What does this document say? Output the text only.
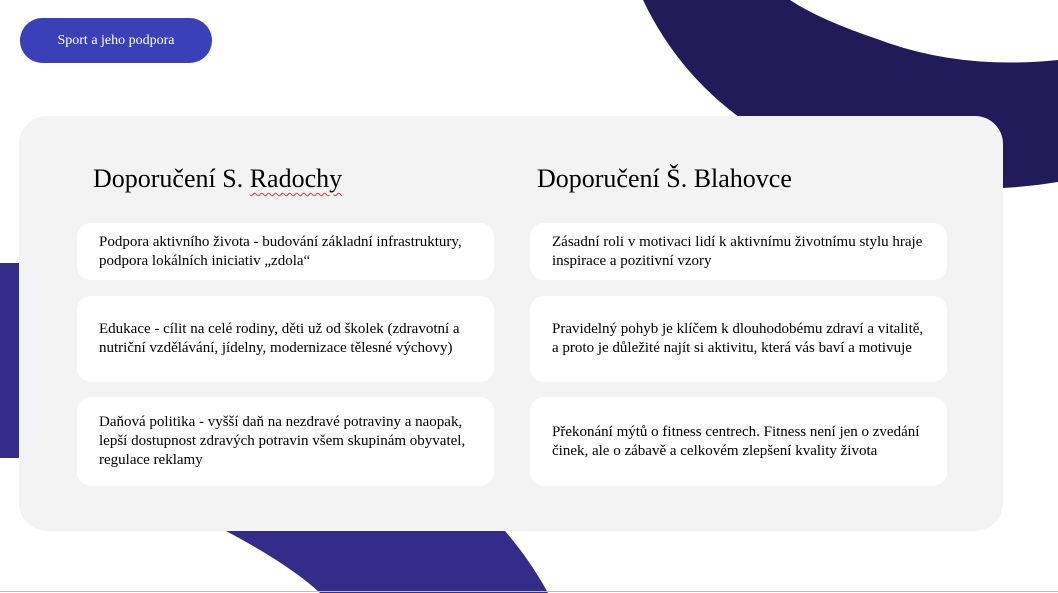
Sport a jeho podpora
Doporučení S. Radochy	Doporučení Š. Blahovce
Podpora aktivního života - budování základní infrastruktury, podpora lokálních iniciativ „zdola“
Edukace - cílit na celé rodiny, děti už od školek (zdravotní a nutriční vzdělávání, jídelny, modernizace tělesné výchovy)
Daňová politika - vyšší daň na nezdravé potraviny a naopak, lepší dostupnost zdravých potravin všem skupinám obyvatel, regulace reklamy
Zásadní roli v motivaci lidí k aktivnímu životnímu stylu hraje inspirace a pozitivní vzory
Pravidelný pohyb je klíčem k dlouhodobému zdraví a vitalitě, a proto je důležité najít si aktivitu, která vás baví a motivuje
Překonání mýtů o fitness centrech. Fitness není jen o zvedání činek, ale o zábavě a celkovém zlepšení kvality života
